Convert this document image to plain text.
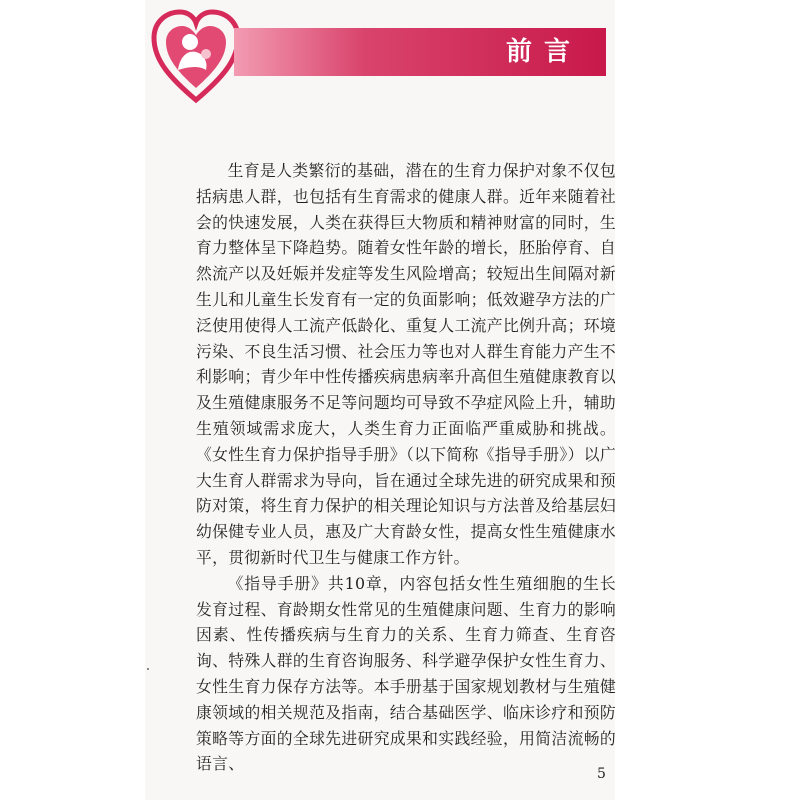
前言

生育是人类繁衍的基础，潜在的生育力保护对象不仅包括病患人群，也包括有生育需求的健康人群。近年来随着社会的快速发展，人类在获得巨大物质和精神财富的同时，生育力整体呈下降趋势。随着女性年龄的增长，胚胎停育、自然流产以及妊娠并发症等发生风险增高；较短出生间隔对新生儿和儿童生长发育有一定的负面影响；低效避孕方法的广泛使用使得人工流产低龄化、重复人工流产比例升高；环境污染、不良生活习惯、社会压力等也对人群生育能力产生不利影响；青少年中性传播疾病患病率升高但生殖健康教育以及生殖健康服务不足等问题均可导致不孕症风险上升，辅助生殖领域需求庞大，人类生育力正面临严重威胁和挑战。《女性生育力保护指导手册》（以下简称《指导手册》）以广大生育人群需求为导向，旨在通过全球先进的研究成果和预防对策，将生育力保护的相关理论知识与方法普及给基层妇幼保健专业人员，惠及广大育龄女性，提高女性生殖健康水平，贯彻新时代卫生与健康工作方针。

《指导手册》共10章，内容包括女性生殖细胞的生长发育过程、育龄期女性常见的生殖健康问题、生育力的影响因素、性传播疾病与生育力的关系、生育力筛查、生育咨询、特殊人群的生育咨询服务、科学避孕保护女性生育力、女性生育力保存方法等。本手册基于国家规划教材与生殖健康领域的相关规范及指南，结合基础医学、临床诊疗和预防策略等方面的全球先进研究成果和实践经验，用简洁流畅的语言、

5
